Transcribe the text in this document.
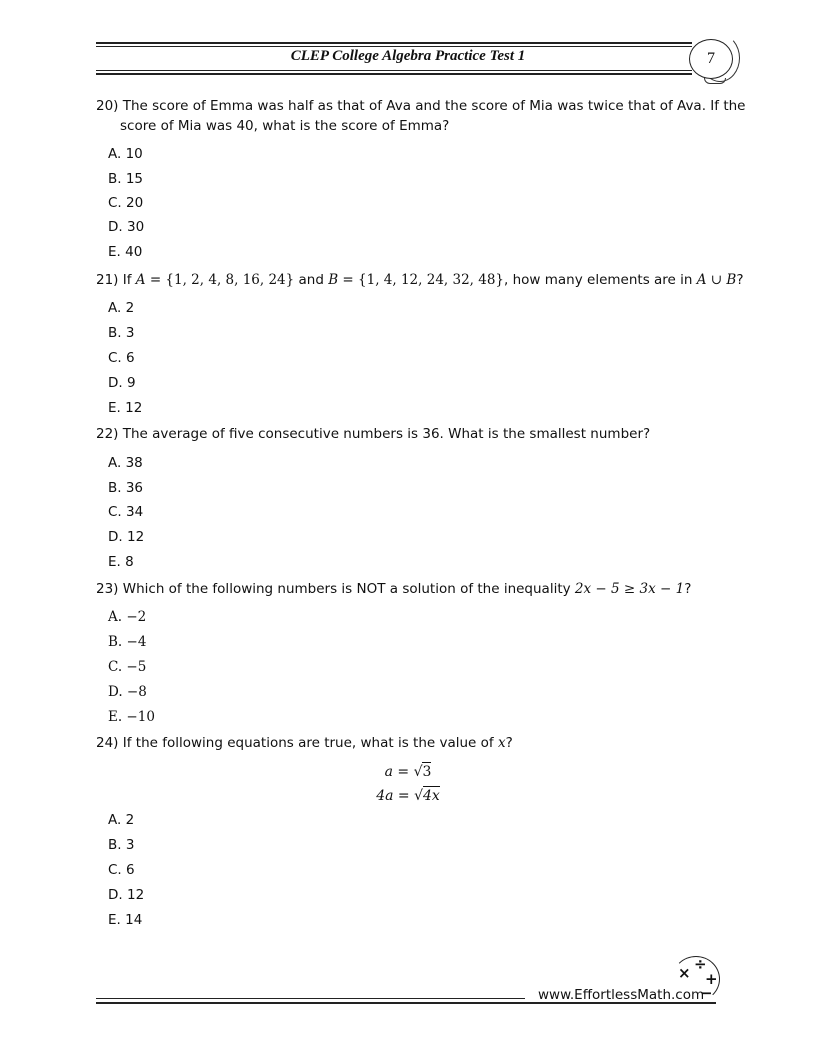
CLEP College Algebra Practice Test 1	7
20) The score of Emma was half as that of Ava and the score of Mia was twice that of Ava. If the
score of Mia was 40, what is the score of Emma?
A. 10
B. 15
C. 20
D. 30
E. 40
21) If A = {1, 2, 4, 8, 16, 24} and B = {1, 4, 12, 24, 32, 48}, how many elements are in A ∪ B?
A. 2
B. 3
C. 6
D. 9
E. 12
22) The average of five consecutive numbers is 36. What is the smallest number?
A. 38
B. 36
C. 34
D. 12
E. 8
23) Which of the following numbers is NOT a solution of the inequality 2x − 5 ≥ 3x − 1?
A. −2
B. −4
C. −5
D. −8
E. −10
24) If the following equations are true, what is the value of x?
a = √3
4a = √4x
A. 2
B. 3
C. 6
D. 12
E. 14
www.EffortlessMath.com
× ÷
+
−
